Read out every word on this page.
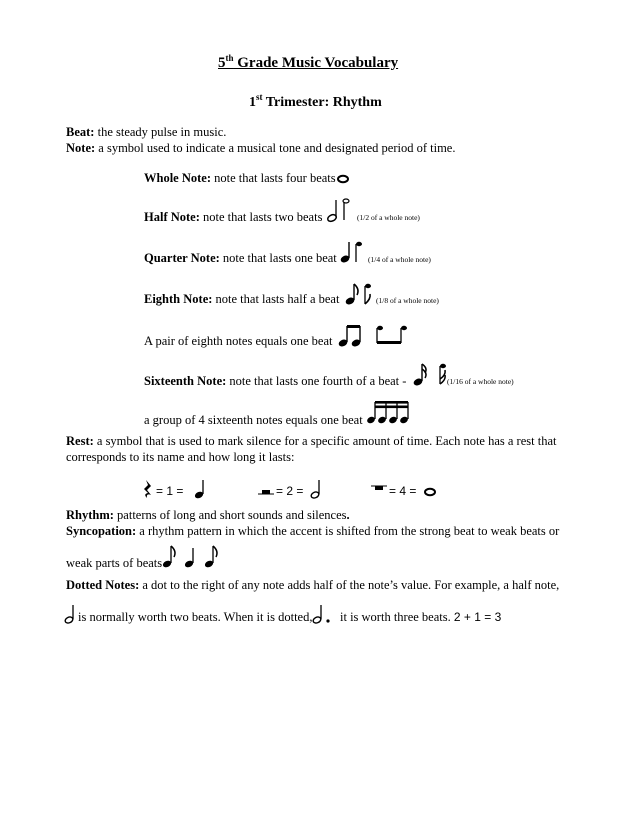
5th Grade Music Vocabulary
1st Trimester: Rhythm
Beat: the steady pulse in music.
Note: a symbol used to indicate a musical tone and designated period of time.
Whole Note: note that lasts four beats
Half Note: note that lasts two beats	(1/2 of a whole note)
Quarter Note: note that lasts one beat	(1/4 of a whole note)
Eighth Note: note that lasts half a beat	(1/8 of a whole note)
A pair of eighth notes equals one beat
Sixteenth Note: note that lasts one fourth of a beat -	(1/16 of a whole note)
a group of 4 sixteenth notes equals one beat
Rest: a symbol that is used to mark silence for a specific amount of time. Each note has a rest that
corresponds to its name and how long it lasts:
= 1 =	= 2 =	= 4 =
Rhythm: patterns of long and short sounds and silences.
Syncopation: a rhythm pattern in which the accent is shifted from the strong beat to weak beats or
weak parts of beats
Dotted Notes: a dot to the right of any note adds half of the note’s value. For example, a half note,
is normally worth two beats. When it is dotted, it is worth three beats. 2 + 1 = 3
